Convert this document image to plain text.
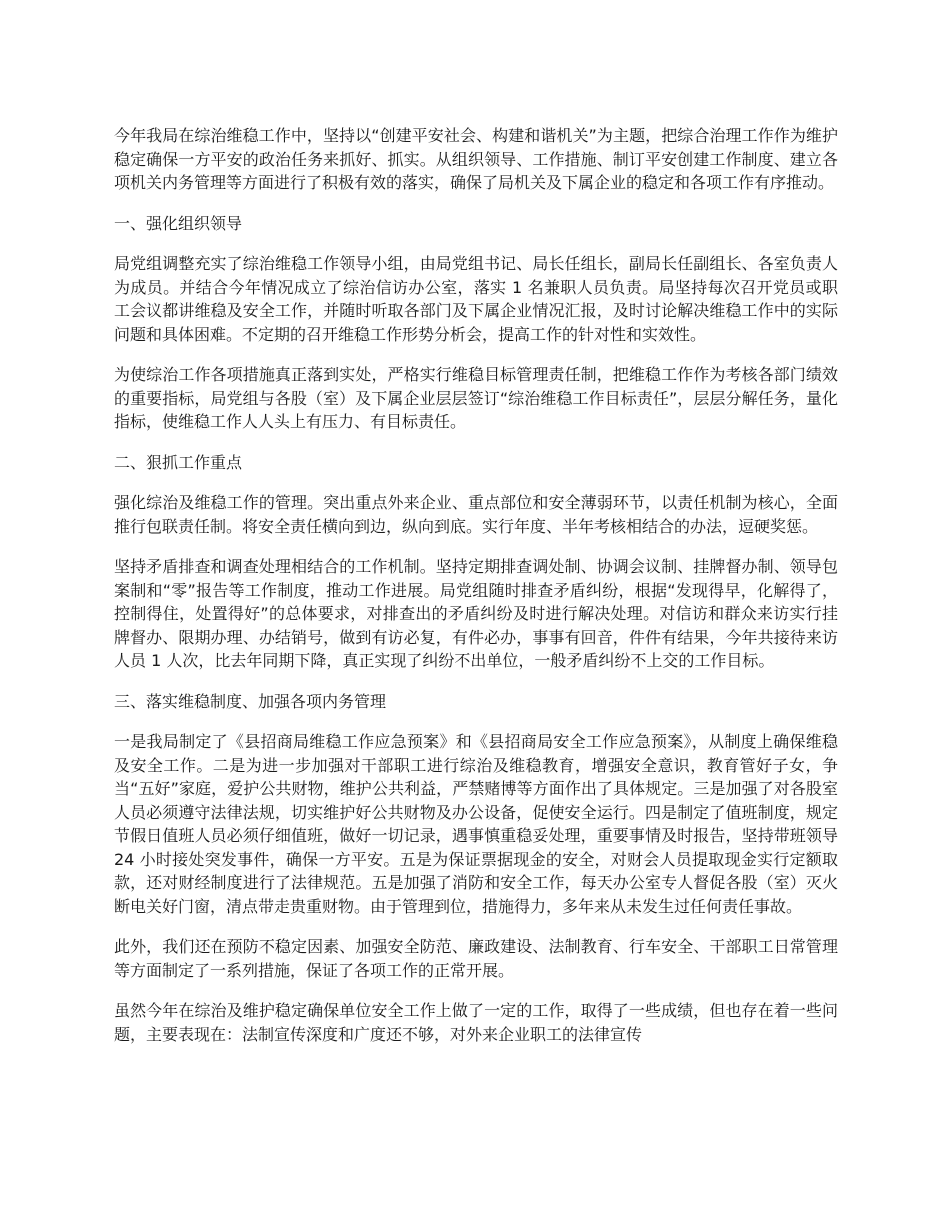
今年我局在综治维稳工作中，坚持以“创建平安社会、构建和谐机关”为主题，把综合治理工作作为维护稳定确保一方平安的政治任务来抓好、抓实。从组织领导、工作措施、制订平安创建工作制度、建立各项机关内务管理等方面进行了积极有效的落实，确保了局机关及下属企业的稳定和各项工作有序推动。

一、强化组织领导

局党组调整充实了综治维稳工作领导小组，由局党组书记、局长任组长，副局长任副组长、各室负责人为成员。并结合今年情况成立了综治信访办公室，落实 1 名兼职人员负责。局坚持每次召开党员或职工会议都讲维稳及安全工作，并随时听取各部门及下属企业情况汇报，及时讨论解决维稳工作中的实际问题和具体困难。不定期的召开维稳工作形势分析会，提高工作的针对性和实效性。

为使综治工作各项措施真正落到实处，严格实行维稳目标管理责任制，把维稳工作作为考核各部门绩效的重要指标，局党组与各股（室）及下属企业层层签订“综治维稳工作目标责任”，层层分解任务，量化指标，使维稳工作人人头上有压力、有目标责任。

二、狠抓工作重点

强化综治及维稳工作的管理。突出重点外来企业、重点部位和安全薄弱环节，以责任机制为核心，全面推行包联责任制。将安全责任横向到边，纵向到底。实行年度、半年考核相结合的办法，逗硬奖惩。

坚持矛盾排查和调查处理相结合的工作机制。坚持定期排查调处制、协调会议制、挂牌督办制、领导包案制和“零”报告等工作制度，推动工作进展。局党组随时排查矛盾纠纷，根据“发现得早，化解得了，控制得住，处置得好”的总体要求，对排查出的矛盾纠纷及时进行解决处理。对信访和群众来访实行挂牌督办、限期办理、办结销号，做到有访必复，有件必办，事事有回音，件件有结果，今年共接待来访人员 1 人次，比去年同期下降，真正实现了纠纷不出单位，一般矛盾纠纷不上交的工作目标。

三、落实维稳制度、加强各项内务管理

一是我局制定了《县招商局维稳工作应急预案》和《县招商局安全工作应急预案》，从制度上确保维稳及安全工作。二是为进一步加强对干部职工进行综治及维稳教育，增强安全意识，教育管好子女，争当“五好”家庭，爱护公共财物，维护公共利益，严禁赌博等方面作出了具体规定。三是加强了对各股室人员必须遵守法律法规，切实维护好公共财物及办公设备，促使安全运行。四是制定了值班制度，规定节假日值班人员必须仔细值班，做好一切记录，遇事慎重稳妥处理，重要事情及时报告，坚持带班领导 24 小时接处突发事件，确保一方平安。五是为保证票据现金的安全，对财会人员提取现金实行定额取款，还对财经制度进行了法律规范。五是加强了消防和安全工作，每天办公室专人督促各股（室）灭火断电关好门窗，清点带走贵重财物。由于管理到位，措施得力，多年来从未发生过任何责任事故。

此外，我们还在预防不稳定因素、加强安全防范、廉政建设、法制教育、行车安全、干部职工日常管理等方面制定了一系列措施，保证了各项工作的正常开展。

虽然今年在综治及维护稳定确保单位安全工作上做了一定的工作，取得了一些成绩，但也存在着一些问题，主要表现在：法制宣传深度和广度还不够，对外来企业职工的法律宣传
